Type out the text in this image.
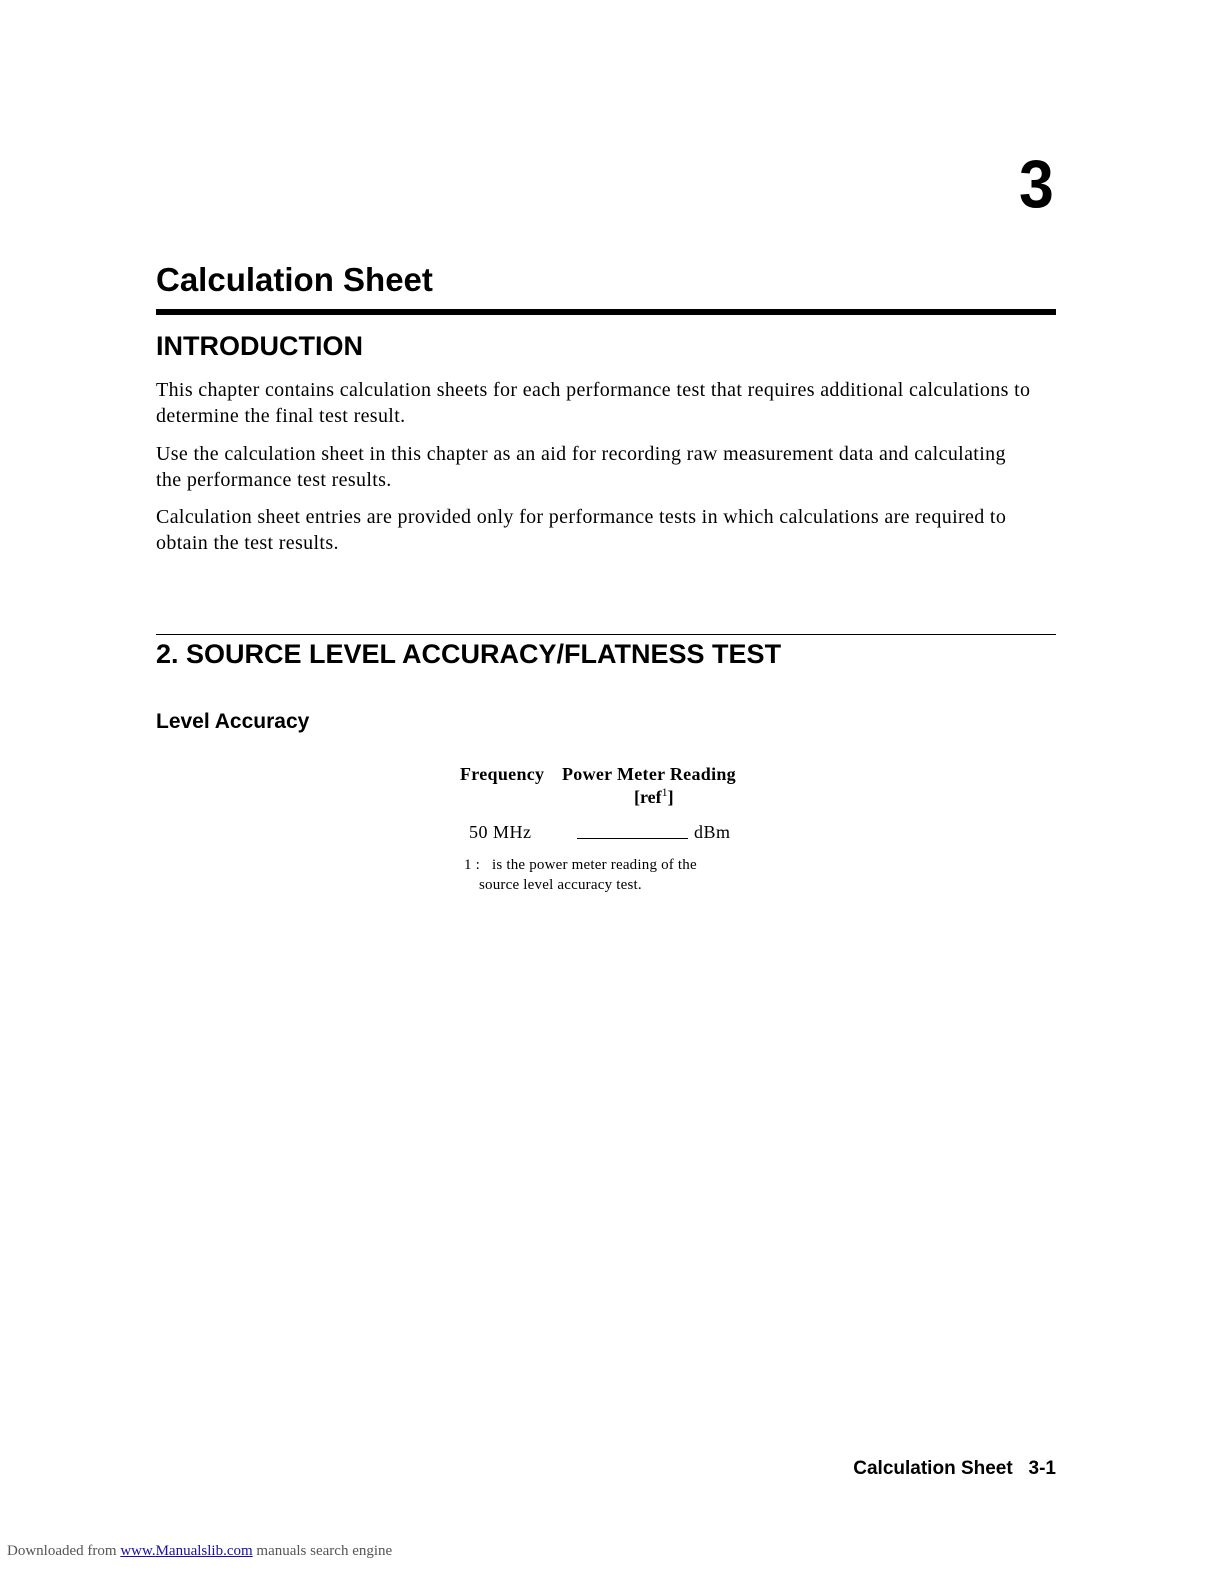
3
Calculation Sheet
INTRODUCTION

This chapter contains calculation sheets for each performance test that requires additional calculations to determine the final test result.

Use the calculation sheet in this chapter as an aid for recording raw measurement data and calculating the performance test results.

Calculation sheet entries are provided only for performance tests in which calculations are required to obtain the test results.

2. SOURCE LEVEL ACCURACY/FLATNESS TEST
Level Accuracy
Frequency Power Meter Reading
[ref$^1$]
50 MHz	dBm
1 : is the power meter reading of the
source level accuracy test.
Calculation Sheet   3-1
Downloaded from www.Manualslib.com manuals search engine
